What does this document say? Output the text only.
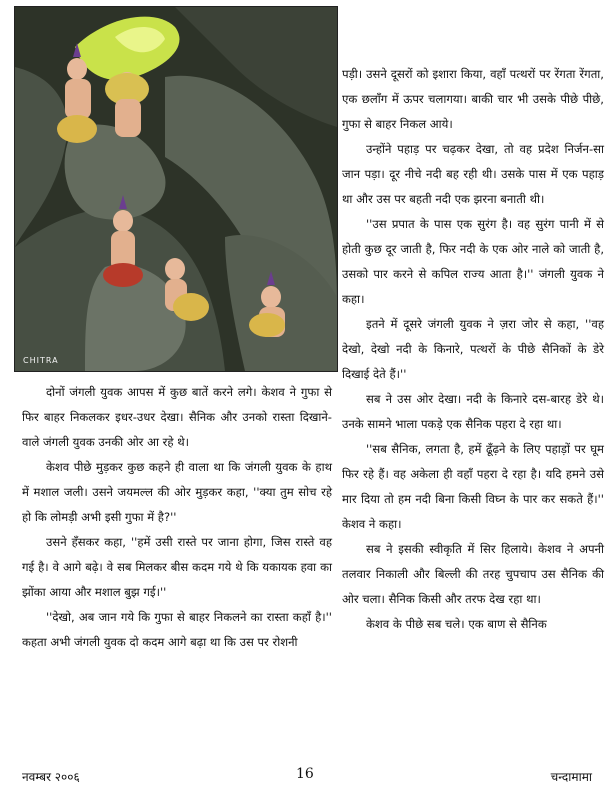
CHITRA

पड़ी। उसने दूसरों को इशारा किया, वहाँ पत्थरों पर रेंगता रेंगता, एक छलाँग में ऊपर चलागया। बाकी चार भी उसके पीछे पीछे, गुफा से बाहर निकल आये।

उन्होंने पहाड़ पर चढ़कर देखा, तो वह प्रदेश निर्जन-सा जान पड़ा। दूर नीचे नदी बह रही थी। उसके पास में एक पहाड़ था और उस पर बहती नदी एक झरना बनाती थी।

''उस प्रपात के पास एक सुरंग है। वह सुरंग पानी में से होती कुछ दूर जाती है, फिर नदी के एक ओर नाले को जाती है, उसको पार करने से कपिल राज्य आता है।'' जंगली युवक ने कहा।

इतने में दूसरे जंगली युवक ने ज़रा जोर से कहा, ''वह देखो, देखो नदी के किनारे, पत्थरों के पीछे सैनिकों के डेरे दिखाई देते हैं।''

सब ने उस ओर देखा। नदी के किनारे दस-बारह डेरे थे। उनके सामने भाला पकड़े एक सैनिक पहरा दे रहा था।

''सब सैनिक, लगता है, हमें ढूँढ़ने के लिए पहाड़ों पर घूम फिर रहे हैं। वह अकेला ही वहाँ पहरा दे रहा है। यदि हमने उसे मार दिया तो हम नदी बिना किसी विघ्न के पार कर सकते हैं।'' केशव ने कहा।

सब ने इसकी स्वीकृति में सिर हिलाये। केशव ने अपनी तलवार निकाली और बिल्ली की तरह चुपचाप उस सैनिक की ओर चला। सैनिक किसी और तरफ देख रहा था।

केशव के पीछे सब चले। एक बाण से सैनिक

दोनों जंगली युवक आपस में कुछ बातें करने लगे। केशव ने गुफा से फिर बाहर निकलकर इधर-उधर देखा। सैनिक और उनको रास्ता दिखाने-वाले जंगली युवक उनकी ओर आ रहे थे।

केशव पीछे मुड़कर कुछ कहने ही वाला था कि जंगली युवक के हाथ में मशाल जली। उसने जयमल्ल की ओर मुड़कर कहा, ''क्या तुम सोच रहे हो कि लोमड़ी अभी इसी गुफा में है?''

उसने हँसकर कहा, ''हमें उसी रास्ते पर जाना होगा, जिस रास्ते वह गई है। वे आगे बढ़े। वे सब मिलकर बीस कदम गये थे कि यकायक हवा का झोंका आया और मशाल बुझ गई।''

''देखो, अब जान गये कि गुफा से बाहर निकलने का रास्ता कहाँ है।'' कहता अभी जंगली युवक दो कदम आगे बढ़ा था कि उस पर रोशनी

नवम्बर २००६	16	चन्दामामा
